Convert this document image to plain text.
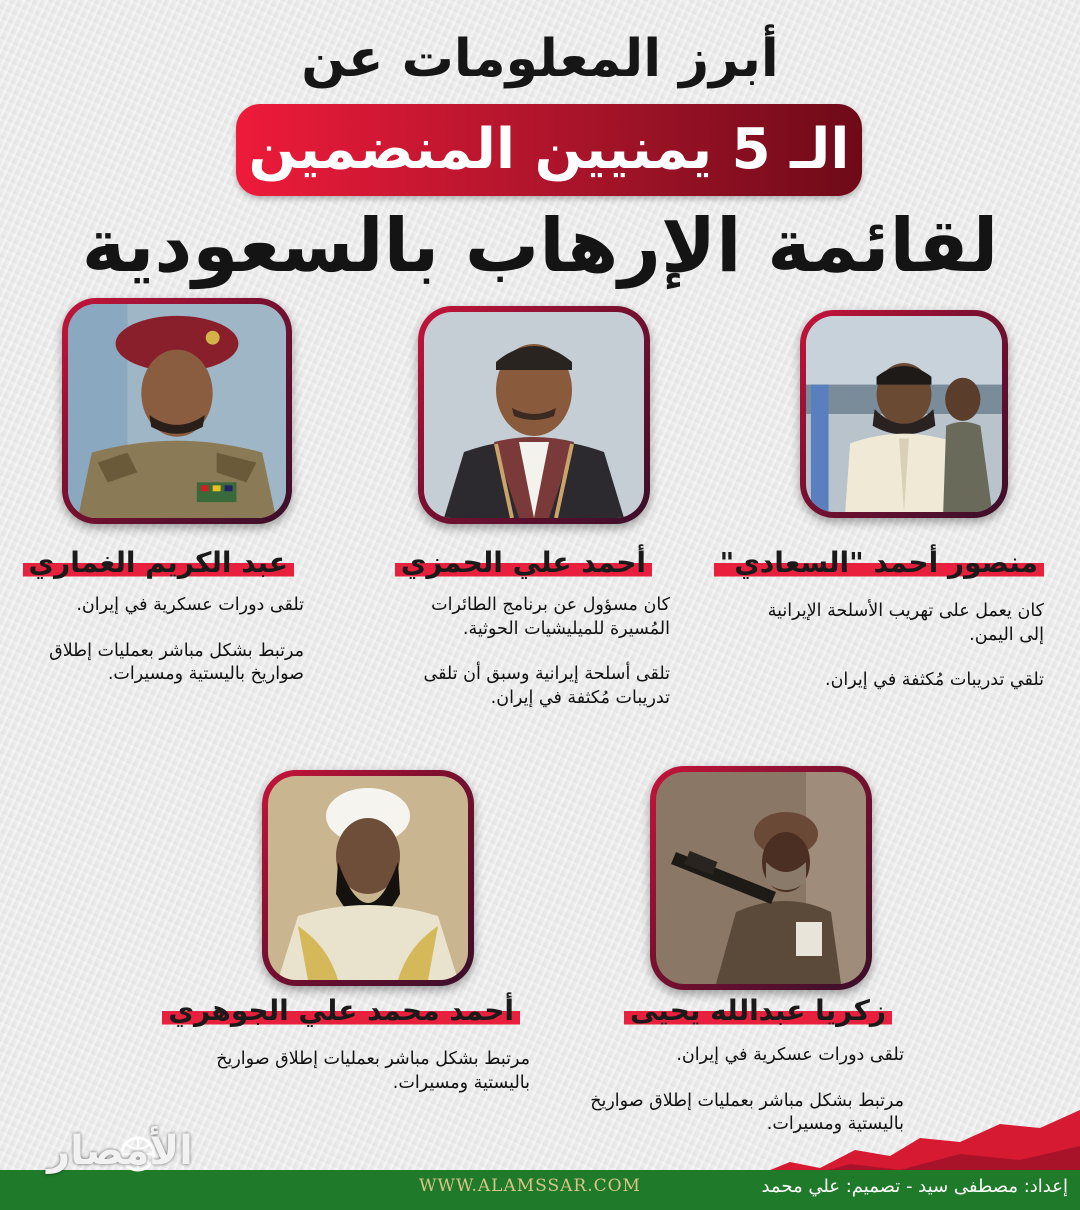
أبرز المعلومات عن
الـ 5 يمنيين المنضمين
لقائمة الإرهاب بالسعودية
منصور أحمد "السعادي"

كان يعمل على تهريب الأسلحة الإيرانية إلى اليمن.

تلقي تدريبات مُكثفة في إيران.

أحمد علي الحمزي

كان مسؤول عن برنامج الطائرات المُسيرة للميليشيات الحوثية.

تلقى أسلحة إيرانية وسبق أن تلقى تدريبات مُكثفة في إيران.

عبد الكريم الغماري

تلقى دورات عسكرية في إيران.

مرتبط بشكل مباشر بعمليات إطلاق صواريخ باليستية ومسيرات.

زكريا عبدالله يحيى

تلقى دورات عسكرية في إيران.

مرتبط بشكل مباشر بعمليات إطلاق صواريخ باليستية ومسيرات.

أحمد محمد علي الجوهري

مرتبط بشكل مباشر بعمليات إطلاق صواريخ باليستية ومسيرات.

WWW.ALAMSSAR.COM	إعداد: مصطفى سيد - تصميم: علي محمد
الأمصار
